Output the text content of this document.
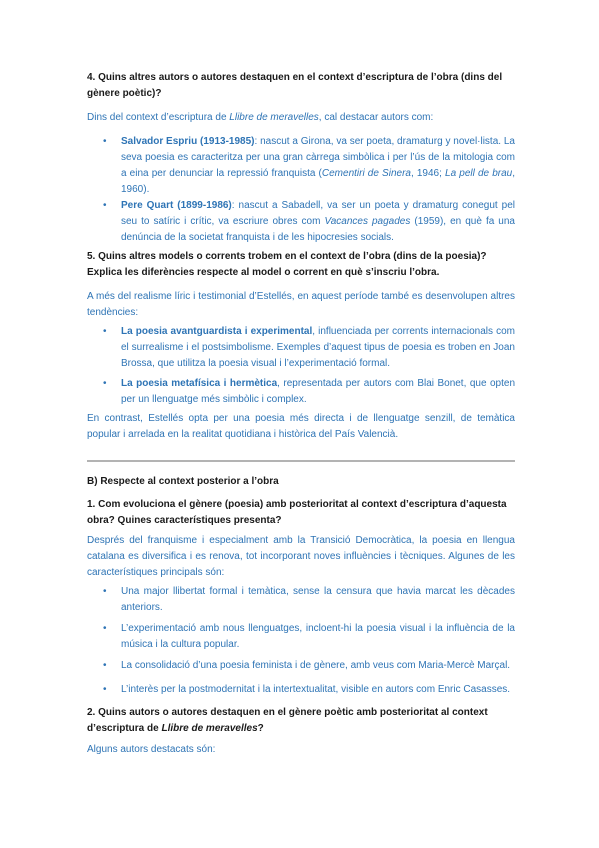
4. Quins altres autors o autores destaquen en el context d’escriptura de l’obra (dins del gènere poètic)?

Dins del context d’escriptura de Llibre de meravelles, cal destacar autors com:

• Salvador Espriu (1913-1985): nascut a Girona, va ser poeta, dramaturg y novel·lista. La seva poesia es caracteritza per una gran càrrega simbòlica i per l’ús de la mitologia com a eina per denunciar la repressió franquista (Cementiri de Sinera, 1946; La pell de brau, 1960).
• Pere Quart (1899-1986): nascut a Sabadell, va ser un poeta y dramaturg conegut pel seu to satíric i crític, va escriure obres com Vacances pagades (1959), en què fa una denúncia de la societat franquista i de les hipocresies socials.

5. Quins altres models o corrents trobem en el context de l’obra (dins de la poesia)? Explica les diferències respecte al model o corrent en què s’inscriu l’obra.

A més del realisme líric i testimonial d’Estellés, en aquest període també es desenvolupen altres tendències:

• La poesia avantguardista i experimental, influenciada per corrents internacionals com el surrealisme i el postsimbolisme. Exemples d’aquest tipus de poesia es troben en Joan Brossa, que utilitza la poesia visual i l’experimentació formal.
• La poesia metafísica i hermètica, representada per autors com Blai Bonet, que opten per un llenguatge més simbòlic i complex.

En contrast, Estellés opta per una poesia més directa i de llenguatge senzill, de temàtica popular i arrelada en la realitat quotidiana i històrica del País Valencià.

B) Respecte al context posterior a l’obra

1. Com evoluciona el gènere (poesia) amb posterioritat al context d’escriptura d’aquesta obra? Quines característiques presenta?

Després del franquisme i especialment amb la Transició Democràtica, la poesia en llengua catalana es diversifica i es renova, tot incorporant noves influències i tècniques. Algunes de les característiques principals són:

• Una major llibertat formal i temàtica, sense la censura que havia marcat les dècades anteriors.
• L’experimentació amb nous llenguatges, incloent-hi la poesia visual i la influència de la música i la cultura popular.
• La consolidació d’una poesia feminista i de gènere, amb veus com Maria-Mercè Marçal.
• L’interès per la postmodernitat i la intertextualitat, visible en autors com Enric Casasses.

2. Quins autors o autores destaquen en el gènere poètic amb posterioritat al context d’escriptura de Llibre de meravelles?

Alguns autors destacats són:
